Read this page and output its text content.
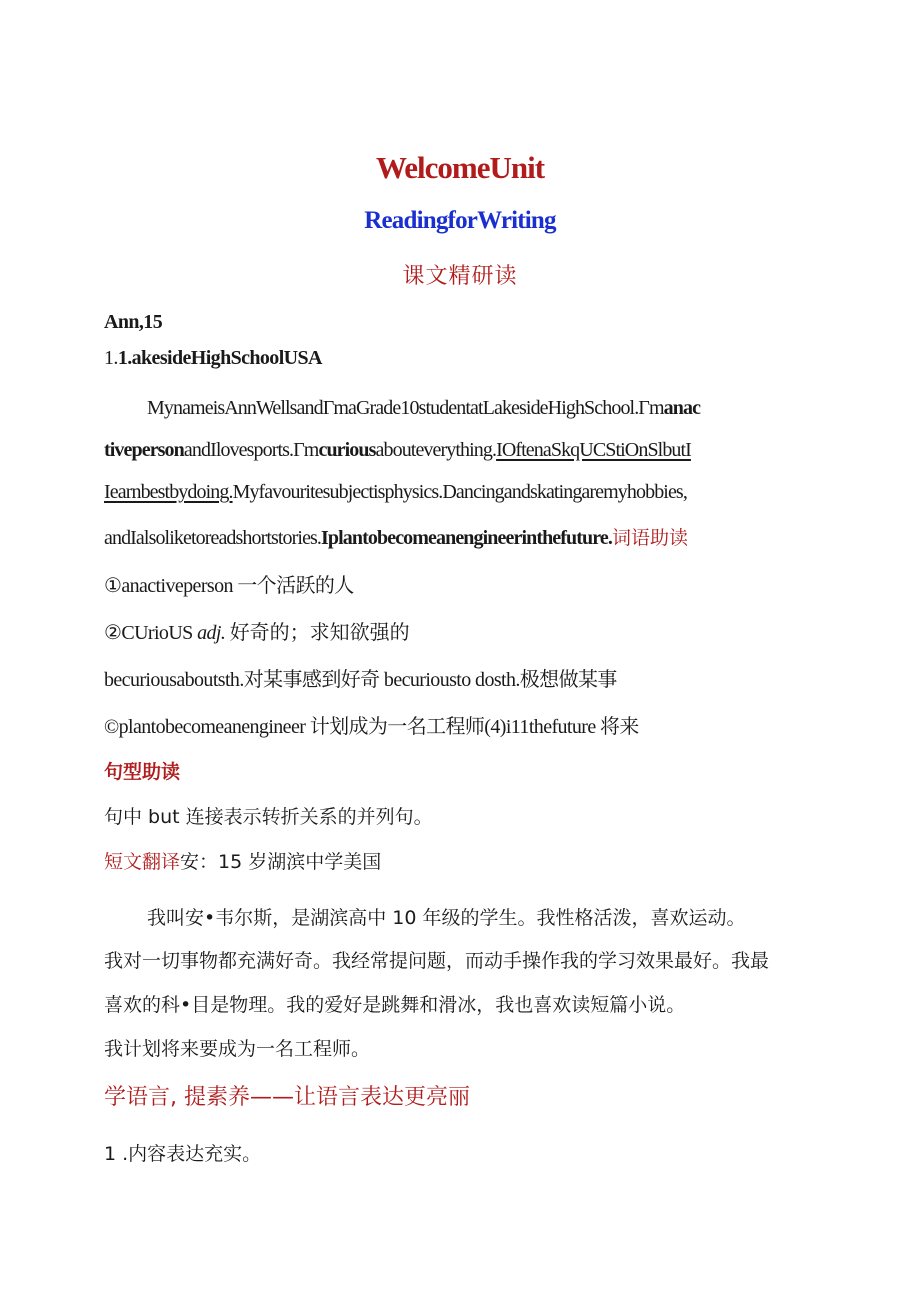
WelcomeUnit
ReadingforWriting
课文精研读
Ann,15
1.1.akesideHighSchoolUSA
MynameisAnnWellsandΓmaGrade10studentatLakesideHighSchool.Γmanac
tivepersonandIlovesports.Γmcuriousabouteverything.IOftenaSkqUCStiOnSlbutI
Iearnbestbydoing.Myfavouritesubjectisphysics.Dancingandskatingaremyhobbies,
andIalsoliketoreadshortstories.Iplantobecomeanengineerinthefuture.词语助读
①anactiveperson 一个活跃的人
②CUrioUS adj. 好奇的；求知欲强的
becuriousaboutsth.对某事感到好奇 becuriousto dosth.极想做某事
©plantobecomeanengineer 计划成为一名工程师(4)i11thefuture 将来
句型助读
句中 but 连接表示转折关系的并列句。
短文翻译安：15 岁湖滨中学美国
我叫安•韦尔斯，是湖滨高中 10 年级的学生。我性格活泼，喜欢运动。
我对一切事物都充满好奇。我经常提问题，而动手操作我的学习效果最好。我最
喜欢的科•目是物理。我的爱好是跳舞和滑冰，我也喜欢读短篇小说。
我计划将来要成为一名工程师。
学语言, 提素养——让语言表达更亮丽
1 .内容表达充实。
